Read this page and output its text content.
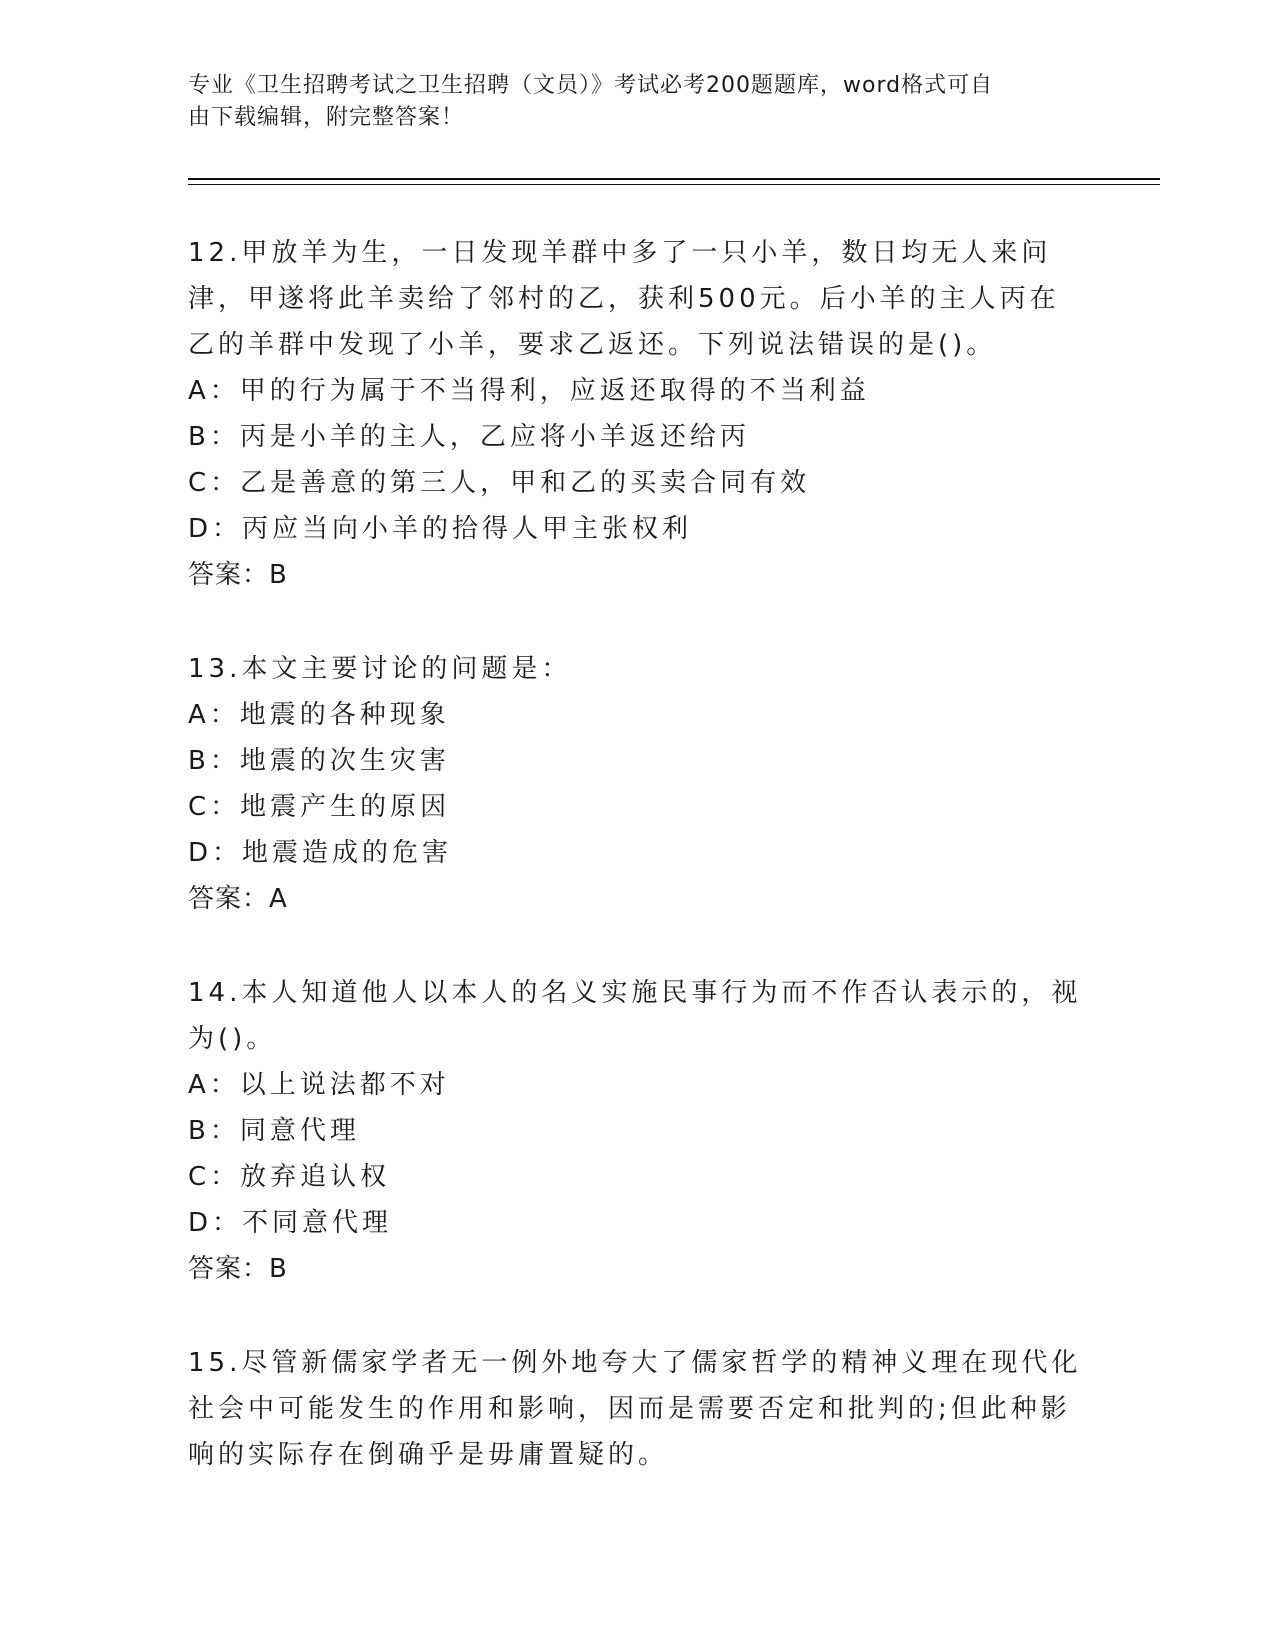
专业《卫生招聘考试之卫生招聘（文员）》考试必考200题题库，word格式可自
由下载编辑，附完整答案！

12.甲放羊为生，一日发现羊群中多了一只小羊，数日均无人来问津，甲遂将此羊卖给了邻村的乙，获利500元。后小羊的主人丙在乙的羊群中发现了小羊，要求乙返还。下列说法错误的是()。

A：甲的行为属于不当得利，应返还取得的不当利益

B：丙是小羊的主人，乙应将小羊返还给丙

C：乙是善意的第三人，甲和乙的买卖合同有效

D：丙应当向小羊的拾得人甲主张权利

答案：B

13.本文主要讨论的问题是：

A：地震的各种现象

B：地震的次生灾害

C：地震产生的原因

D：地震造成的危害

答案：A

14.本人知道他人以本人的名义实施民事行为而不作否认表示的，视为()。

A：以上说法都不对

B：同意代理

C：放弃追认权

D：不同意代理

答案：B

15.尽管新儒家学者无一例外地夸大了儒家哲学的精神义理在现代化社会中可能发生的作用和影响，因而是需要否定和批判的;但此种影响的实际存在倒确乎是毋庸置疑的。
